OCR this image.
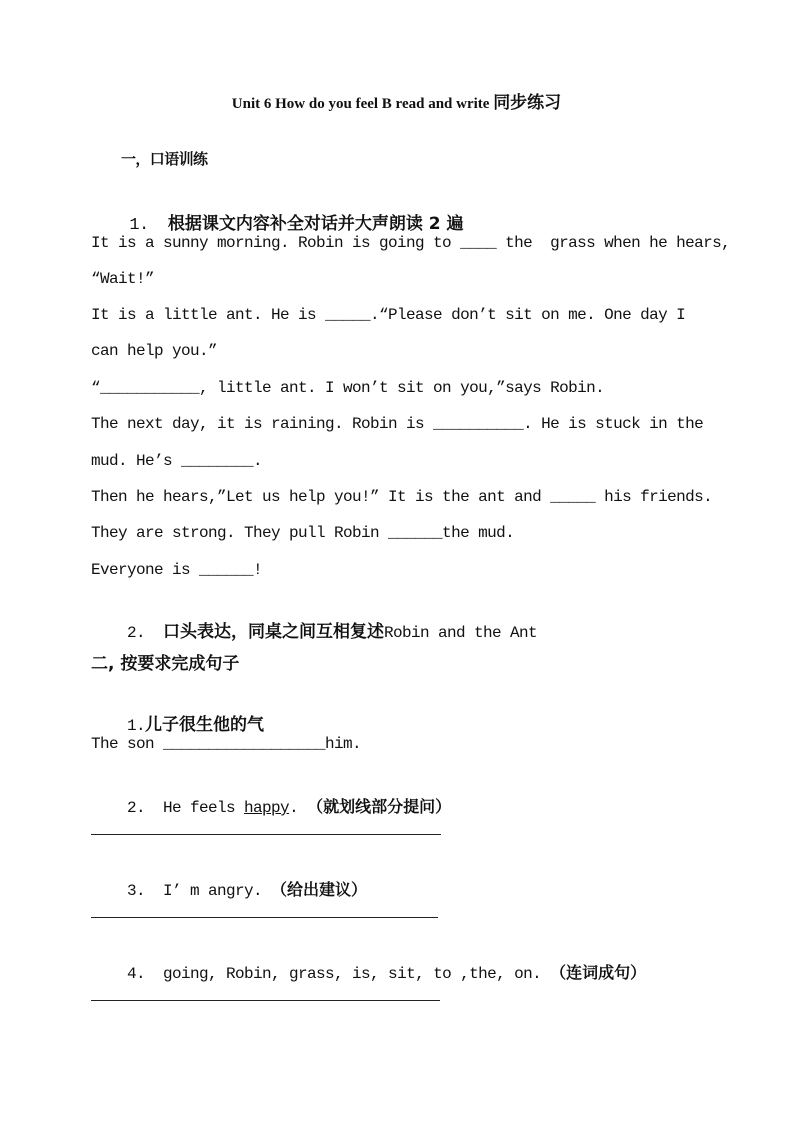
Unit 6 How do you feel B read and write 同步练习
一，口语训练

1.  根据课文内容补全对话并大声朗读 2 遍

It is a sunny morning. Robin is going to ____ the  grass when he hears,
“Wait!”
It is a little ant. He is _____.“Please don’t sit on me. One day I
can help you.”
“___________, little ant. I won’t sit on you,”says Robin.
The next day, it is raining. Robin is __________. He is stuck in the
mud. He’s ________.
Then he hears,”Let us help you!” It is the ant and _____ his friends.
They are strong. They pull Robin ______the mud.
Everyone is ______!

2.  口头表达，同桌之间互相复述Robin and the Ant

二, 按要求完成句子

1.儿子很生他的气

The son __________________him.

2.  He feels happy. （就划线部分提问）

3.  I’ m angry. （给出建议）

4.  going, Robin, grass, is, sit, to ,the, on. （连词成句）
